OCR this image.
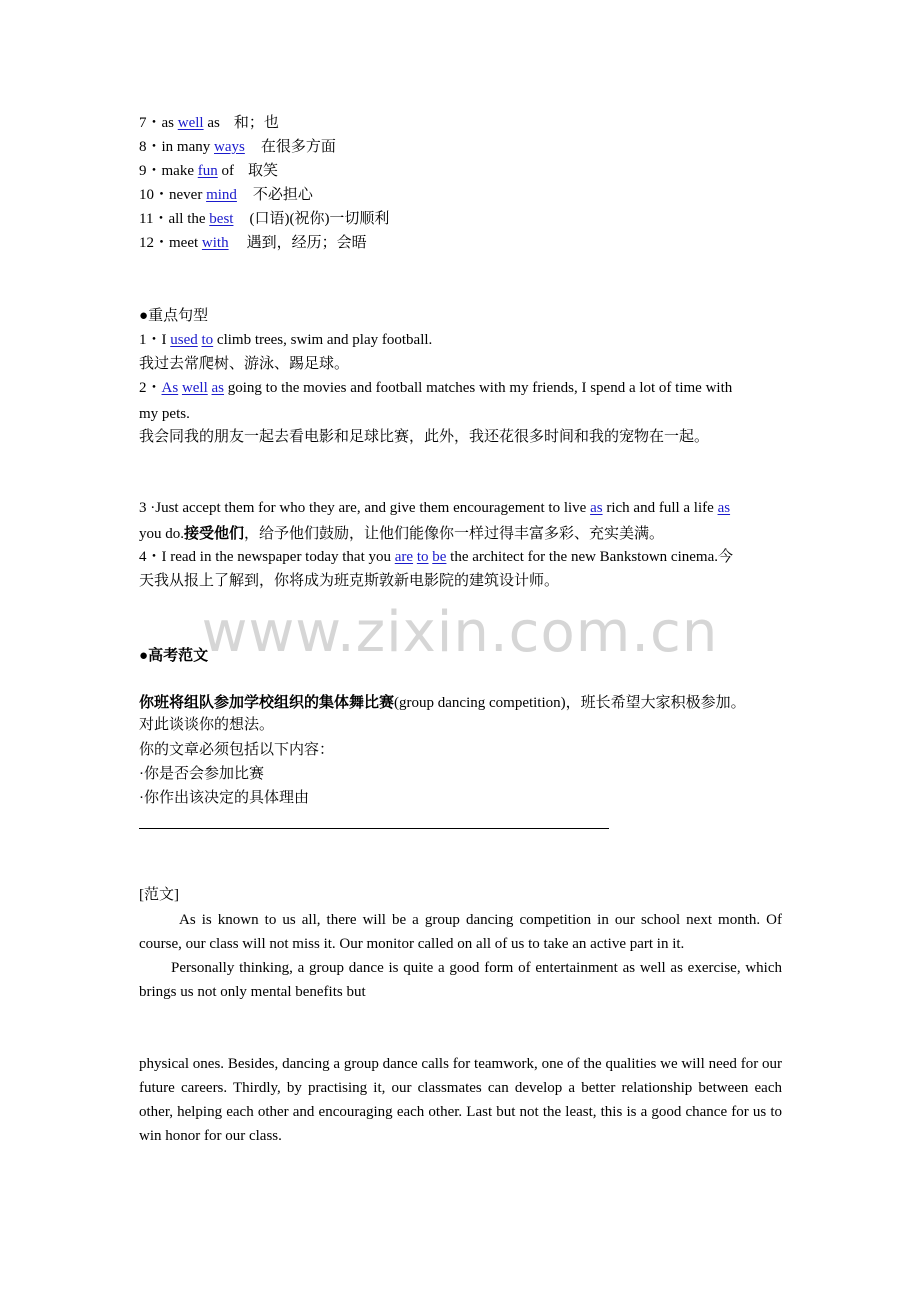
7・as well as 和；也
8・in many ways 在很多方面
9・make fun of 取笑
10・never mind 不必担心
11・all the best (口语)(祝你)一切顺利
12・meet with 遇到，经历；会晤
●重点句型
1・I used to climb trees, swim and play football.
我过去常爬树、游泳、踢足球。
2・As well as going to the movies and football matches with my friends, I spend a lot of time with
my pets.
我会同我的朋友一起去看电影和足球比赛，此外，我还花很多时间和我的宠物在一起。
3 ·Just accept them for who they are, and give them encouragement to live as rich and full a life as
you do.接受他们，给予他们鼓励，让他们能像你一样过得丰富多彩、充实美满。
4・I read in the newspaper today that you are to be the architect for the new Bankstown cinema.今
天我从报上了解到，你将成为班克斯敦新电影院的建筑设计师。
www.zixin.com.cn
●高考范文
你班将组队参加学校组织的集体舞比赛(group dancing competition)，班长希望大家积极参加。
对此谈谈你的想法。
你的文章必须包括以下内容：
·你是否会参加比赛
·你作出该决定的具体理由
[范文]
As is known to us all, there will be a group dancing competition in our school next month. Of course, our class will not miss it. Our monitor called on all of us to take an active part in it.
Personally thinking, a group dance is quite a good form of entertainment as well as exercise, which brings us not only mental benefits but
physical ones. Besides, dancing a group dance calls for teamwork, one of the qualities we will need for our future careers. Thirdly, by practising it, our classmates can develop a better relationship between each other, helping each other and encouraging each other. Last but not the least, this is a good chance for us to win honor for our class.
